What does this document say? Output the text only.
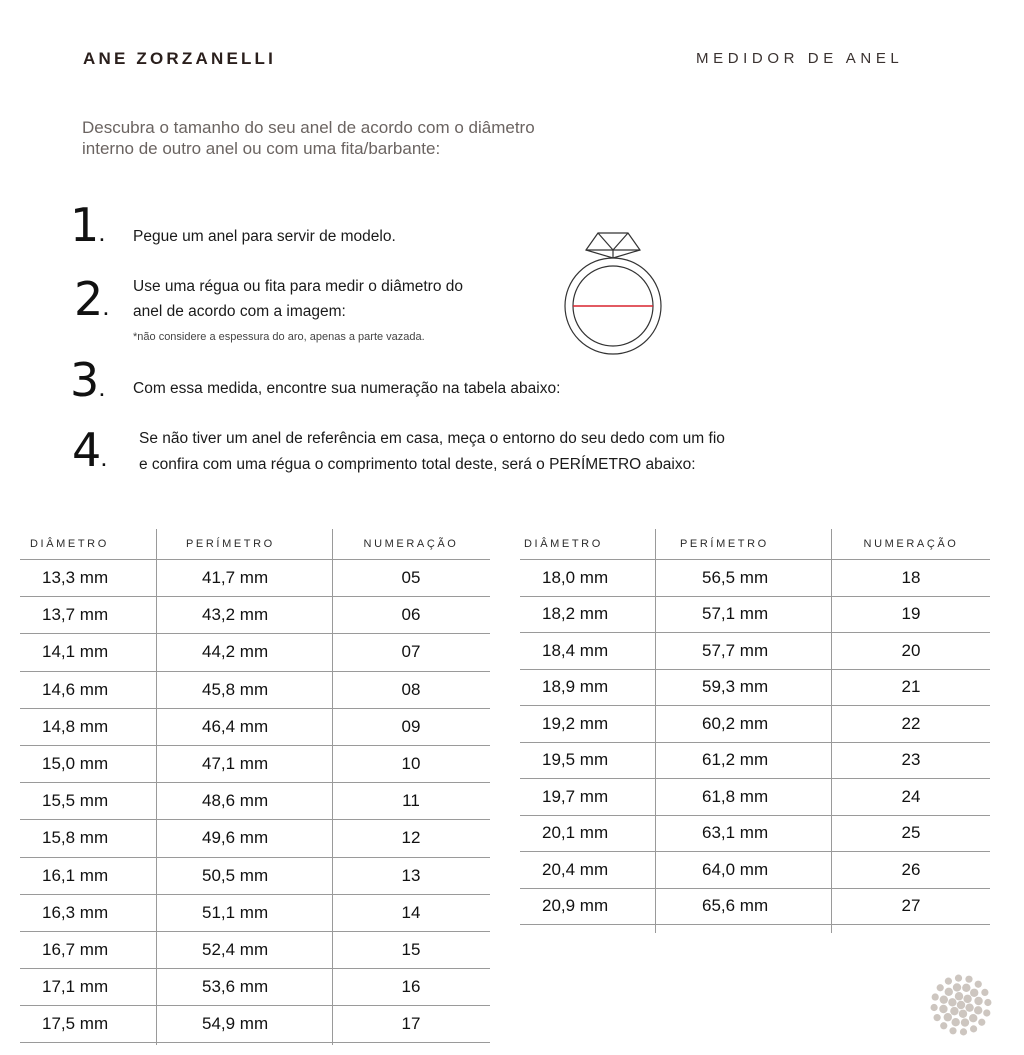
ANE ZORZANELLI	MEDIDOR DE ANEL
Descubra o tamanho do seu anel de acordo com o diâmetro
interno de outro anel ou com uma fita/barbante:
1. Pegue um anel para servir de modelo.
2.
Use uma régua ou fita para medir o diâmetro do
anel de acordo com a imagem:
*não considere a espessura do aro, apenas a parte vazada.
3. Com essa medida, encontre sua numeração na tabela abaixo:
4.
Se não tiver um anel de referência em casa, meça o entorno do seu dedo com um fio
e confira com uma régua o comprimento total deste, será o PERÍMETRO abaixo:
DIÂMETRO	PERÍMETRO	NUMERAÇÃO
13,3 mm	41,7 mm	05
13,7 mm	43,2 mm	06
14,1 mm	44,2 mm	07
14,6 mm	45,8 mm	08
14,8 mm	46,4 mm	09
15,0 mm	47,1 mm	10
15,5 mm	48,6 mm	11
15,8 mm	49,6 mm	12
16,1 mm	50,5 mm	13
16,3 mm	51,1 mm	14
16,7 mm	52,4 mm	15
17,1 mm	53,6 mm	16
17,5 mm	54,9 mm	17
DIÂMETRO	PERÍMETRO	NUMERAÇÃO
18,0 mm	56,5 mm	18
18,2 mm	57,1 mm	19
18,4 mm	57,7 mm	20
18,9 mm	59,3 mm	21
19,2 mm	60,2 mm	22
19,5 mm	61,2 mm	23
19,7 mm	61,8 mm	24
20,1 mm	63,1 mm	25
20,4 mm	64,0 mm	26
20,9 mm	65,6 mm	27
